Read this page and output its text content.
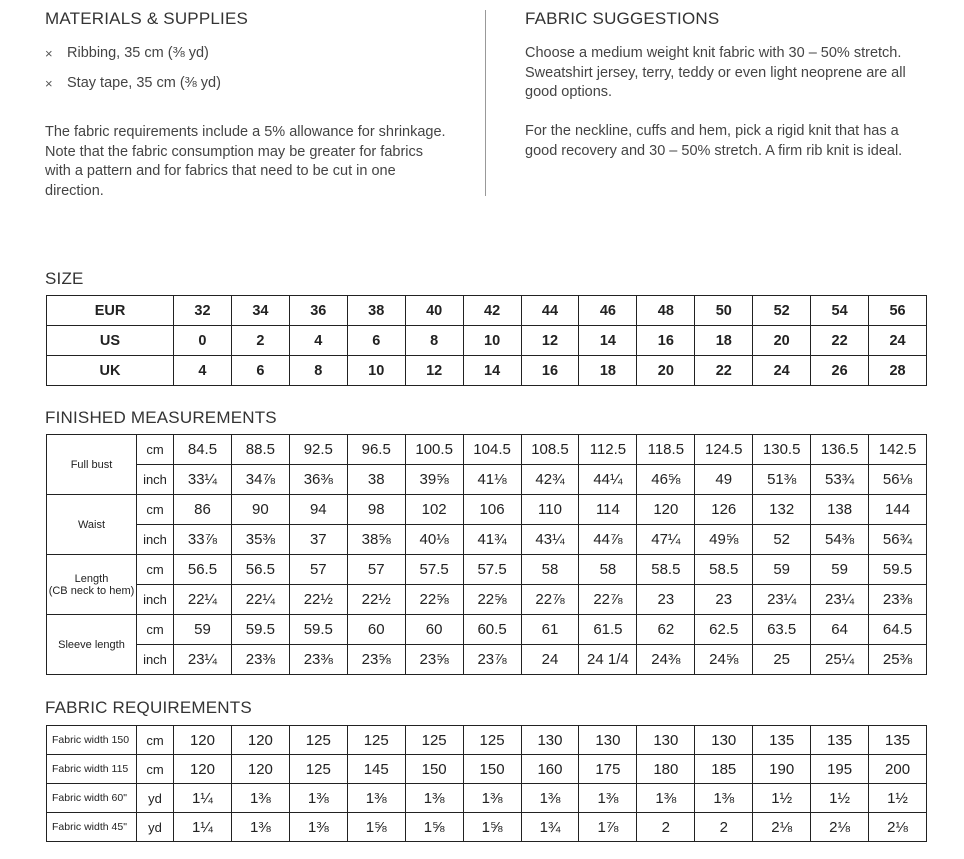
MATERIALS & SUPPLIES
× Ribbing, 35 cm (⅜ yd)
× Stay tape, 35 cm (⅜ yd)

The fabric requirements include a 5% allowance for shrinkage. Note that the fabric consumption may be greater for fabrics with a pattern and for fabrics that need to be cut in one direction.

FABRIC SUGGESTIONS

Choose a medium weight knit fabric with 30 – 50% stretch. Sweatshirt jersey, terry, teddy or even light neoprene are all good options.

For the neckline, cuffs and hem, pick a rigid knit that has a good recovery and 30 – 50% stretch. A firm rib knit is ideal.

SIZE
EUR	32	34	36	38	40	42	44	46	48	50	52	54	56
US	0	2	4	6	8	10	12	14	16	18	20	22	24
UK	4	6	8	10	12	14	16	18	20	22	24	26	28
FINISHED MEASUREMENTS
Full bust	cm	84.5	88.5	92.5	96.5	100.5	104.5	108.5	112.5	118.5	124.5	130.5	136.5	142.5
	inch	33¼	34⅞	36⅜	38	39⅝	41⅛	42¾	44¼	46⅝	49	51⅜	53¾	56⅛

Waist	cm	86	90	94	98	102	106	110	114	120	126	132	138	144
	inch	33⅞	35⅜	37	38⅝	40⅛	41¾	43¼	44⅞	47¼	49⅝	52	54⅜	56¾

Length
(CB neck to hem)	cm	56.5	56.5	57	57	57.5	57.5	58	58	58.5	58.5	59	59	59.5
	inch	22¼	22¼	22½	22½	22⅝	22⅝	22⅞	22⅞	23	23	23¼	23¼	23⅜

Sleeve length	cm	59	59.5	59.5	60	60	60.5	61	61.5	62	62.5	63.5	64	64.5
	inch	23¼	23⅜	23⅜	23⅝	23⅝	23⅞	24	24 1/4	24⅜	24⅝	25	25¼	25⅜
FABRIC REQUIREMENTS
Fabric width 150	cm	120	120	125	125	125	125	130	130	130	130	135	135	135
Fabric width 115	cm	120	120	125	145	150	150	160	175	180	185	190	195	200
Fabric width 60"	yd	1¼	1⅜	1⅜	1⅜	1⅜	1⅜	1⅜	1⅜	1⅜	1⅜	1½	1½	1½
Fabric width 45"	yd	1¼	1⅜	1⅜	1⅝	1⅝	1⅝	1¾	1⅞	2	2	2⅛	2⅛	2⅛
